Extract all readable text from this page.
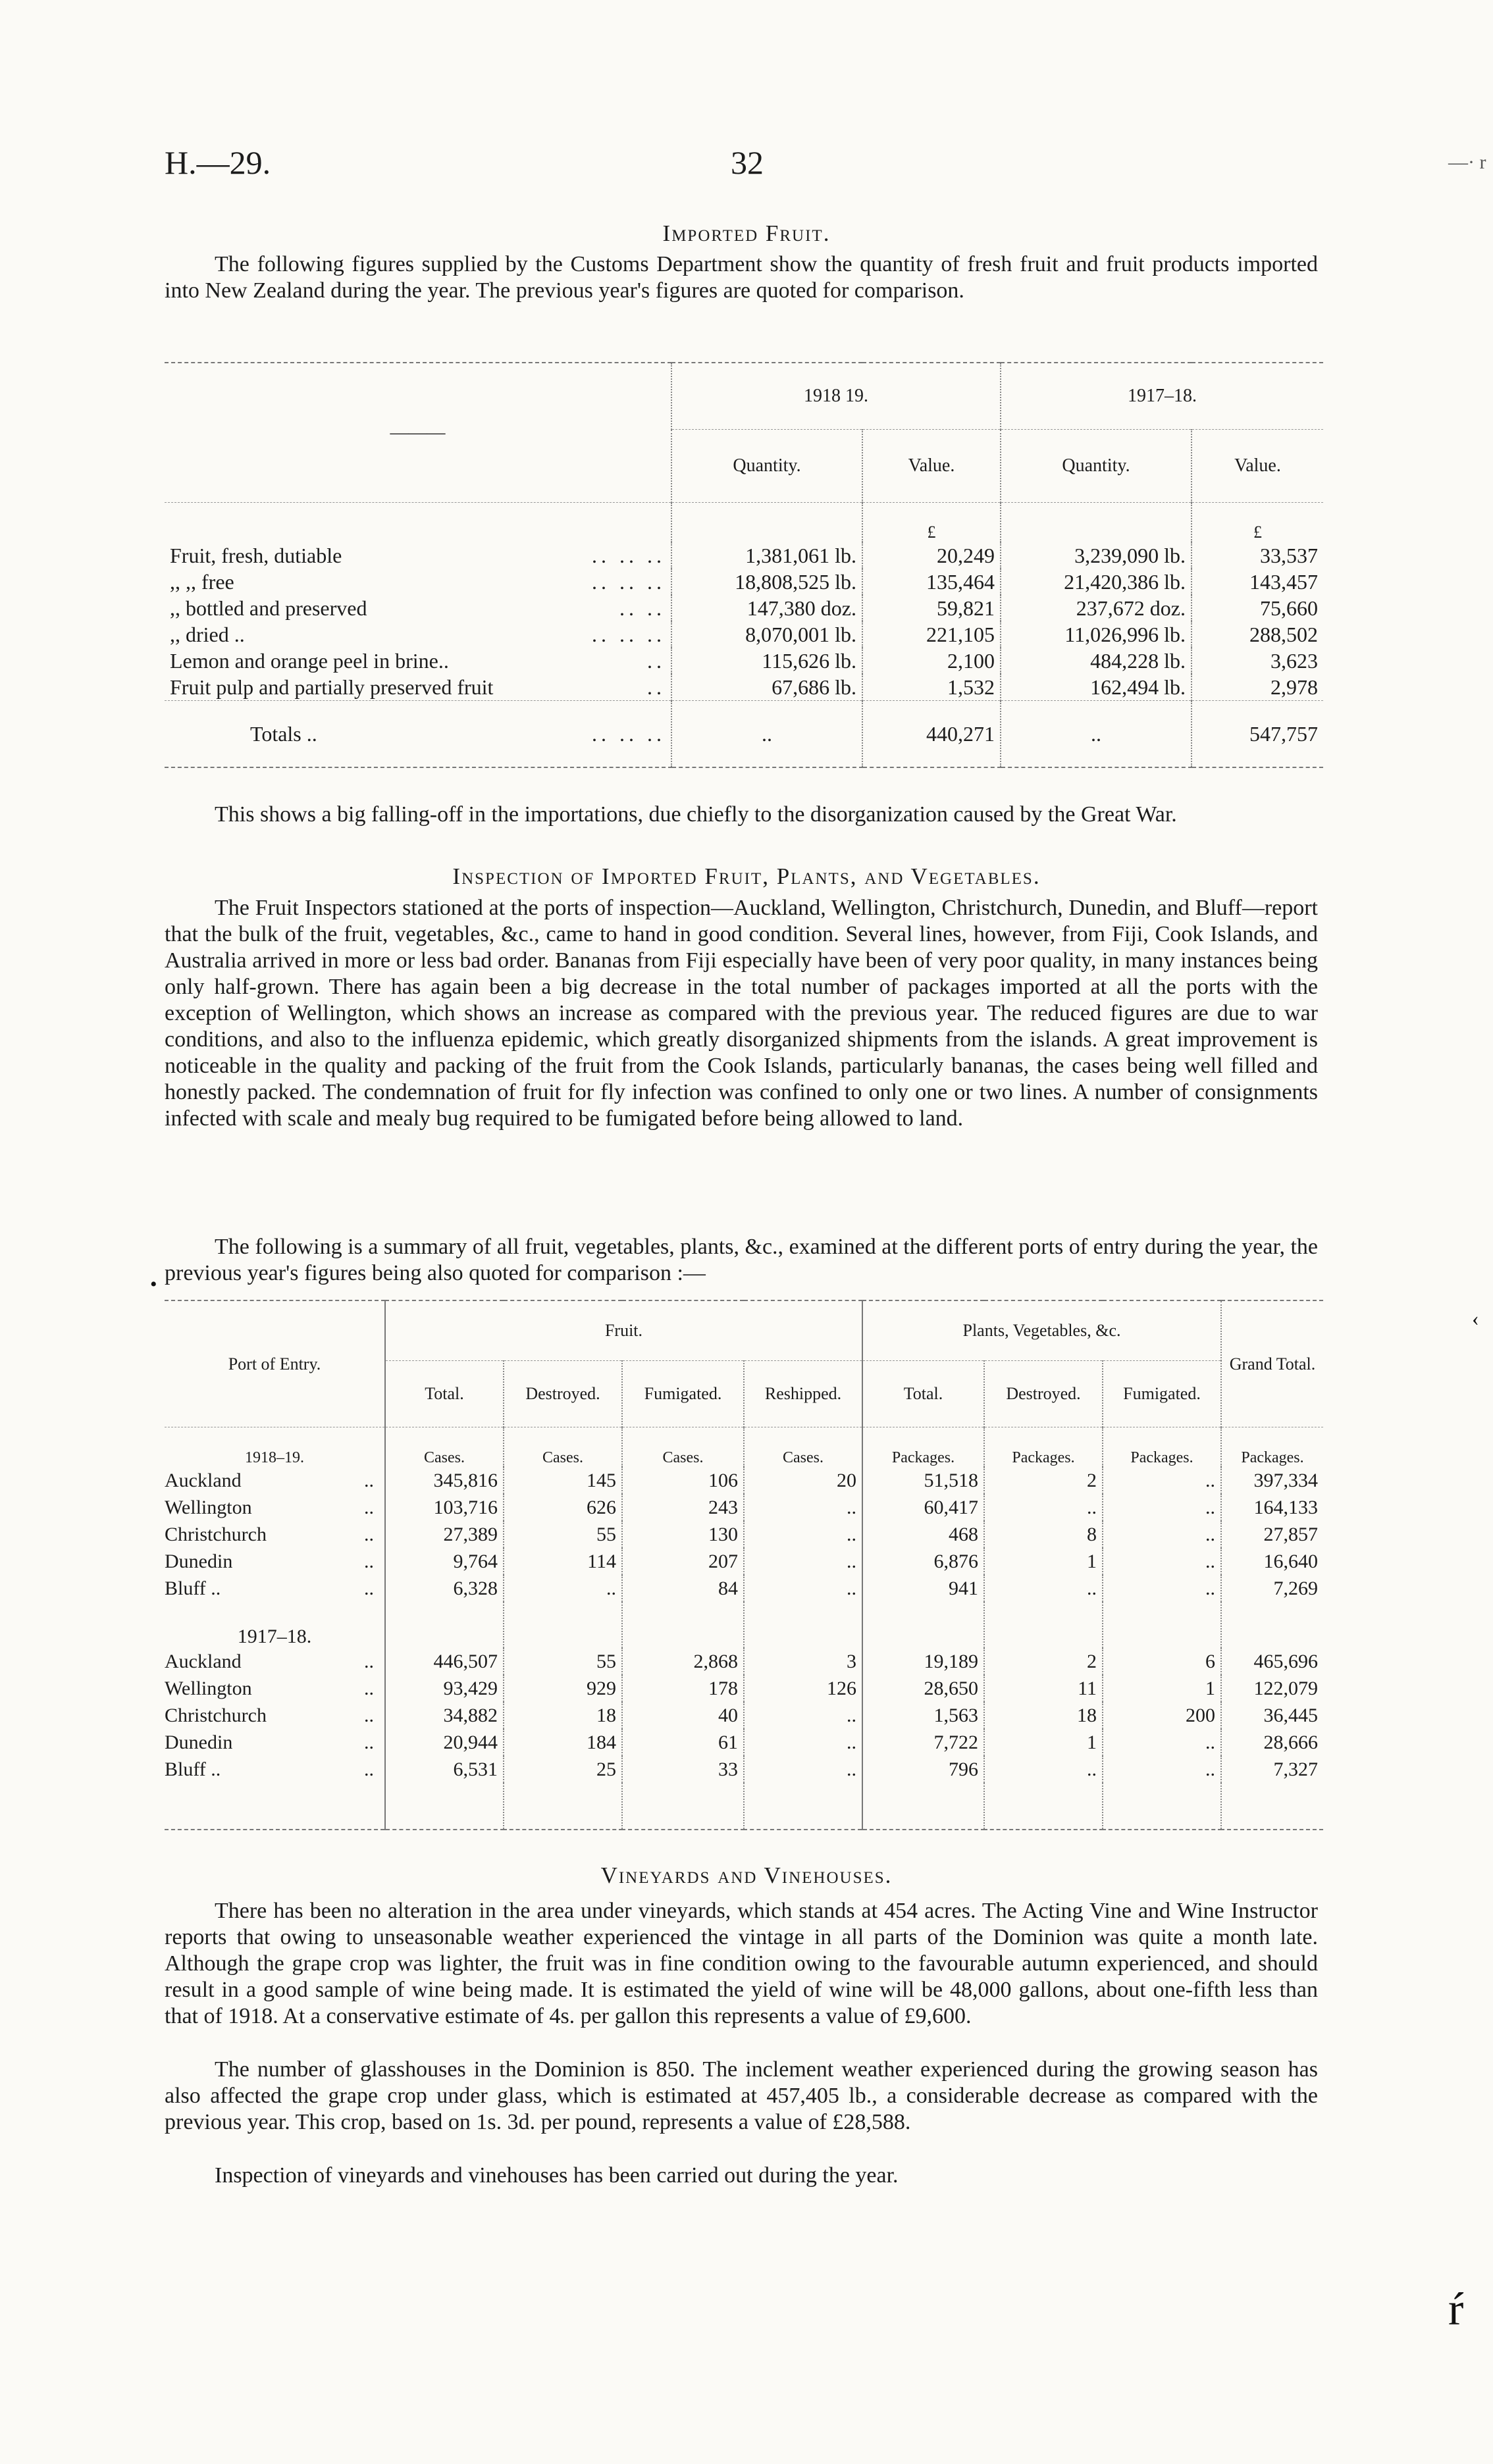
H.—29.	32	—· r
Imported Fruit.

The following figures supplied by the Customs Department show the quantity of fresh fruit and fruit products imported into New Zealand during the year. The previous year's figures are quoted for comparison.

———	1918 19.		1917–18.	
	Quantity.	Value.	Quantity.	Value.
		£		£
Fruit, fresh, dutiable .. .. ..	1,381,061 lb.	20,249	3,239,090 lb.	33,537
,, ,, free .. .. ..	18,808,525 lb.	135,464	21,420,386 lb.	143,457
,, bottled and preserved .. ..	147,380 doz.	59,821	237,672 doz.	75,660
,, dried .. .. .. ..	8,070,001 lb.	221,105	11,026,996 lb.	288,502
Lemon and orange peel in brine.. ..	115,626 lb.	2,100	484,228 lb.	3,623
Fruit pulp and partially preserved fruit ..	67,686 lb.	1,532	162,494 lb.	2,978
Totals .. .. .. ..	..	440,271	..	547,757

This shows a big falling-off in the importations, due chiefly to the disorganization caused by the Great War.

Inspection of Imported Fruit, Plants, and Vegetables.

The Fruit Inspectors stationed at the ports of inspection—Auckland, Wellington, Christchurch, Dunedin, and Bluff—report that the bulk of the fruit, vegetables, &c., came to hand in good condition. Several lines, however, from Fiji, Cook Islands, and Australia arrived in more or less bad order. Bananas from Fiji especially have been of very poor quality, in many instances being only half-grown. There has again been a big decrease in the total number of packages imported at all the ports with the exception of Wellington, which shows an increase as compared with the previous year. The reduced figures are due to war conditions, and also to the influenza epidemic, which greatly disorganized shipments from the islands. A great improvement is noticeable in the quality and packing of the fruit from the Cook Islands, particularly bananas, the cases being well filled and honestly packed. The condemnation of fruit for fly infection was confined to only one or two lines. A number of consignments infected with scale and mealy bug required to be fumigated before being allowed to land.

The following is a summary of all fruit, vegetables, plants, &c., examined at the different ports of entry during the year, the previous year's figures being also quoted for comparison :—

Port of Entry.	Fruit.				Plants, Vegetables, &c.			Grand Total.
	Total.	Destroyed.	Fumigated.	Reshipped.	Total.	Destroyed.	Fumigated.	
1918–19.	Cases.	Cases.	Cases.	Cases.	Packages.	Packages.	Packages.	Packages.
Auckland ..	345,816	145	106	20	51,518	2	..	397,334
Wellington ..	103,716	626	243	..	60,417	..	..	164,133
Christchurch ..	27,389	55	130	..	468	8	..	27,857
Dunedin ..	9,764	114	207	..	6,876	1	..	16,640
Bluff .. ..	6,328	..	84	..	941	..	..	7,269
1917–18.								
Auckland ..	446,507	55	2,868	3	19,189	2	6	465,696
Wellington ..	93,429	929	178	126	28,650	11	1	122,079
Christchurch ..	34,882	18	40	..	1,563	18	200	36,445
Dunedin ..	20,944	184	61	..	7,722	1	..	28,666
Bluff .. ..	6,531	25	33	..	796	..	..	7,327

Vineyards and Vinehouses.

There has been no alteration in the area under vineyards, which stands at 454 acres. The Acting Vine and Wine Instructor reports that owing to unseasonable weather experienced the vintage in all parts of the Dominion was quite a month late. Although the grape crop was lighter, the fruit was in fine condition owing to the favourable autumn experienced, and should result in a good sample of wine being made. It is estimated the yield of wine will be 48,000 gallons, about one-fifth less than that of 1918. At a conservative estimate of 4s. per gallon this represents a value of £9,600.

The number of glasshouses in the Dominion is 850. The inclement weather experienced during the growing season has also affected the grape crop under glass, which is estimated at 457,405 lb., a considerable decrease as compared with the previous year. This crop, based on 1s. 3d. per pound, represents a value of £28,588.

Inspection of vineyards and vinehouses has been carried out during the year.

ŕ
•
‹
